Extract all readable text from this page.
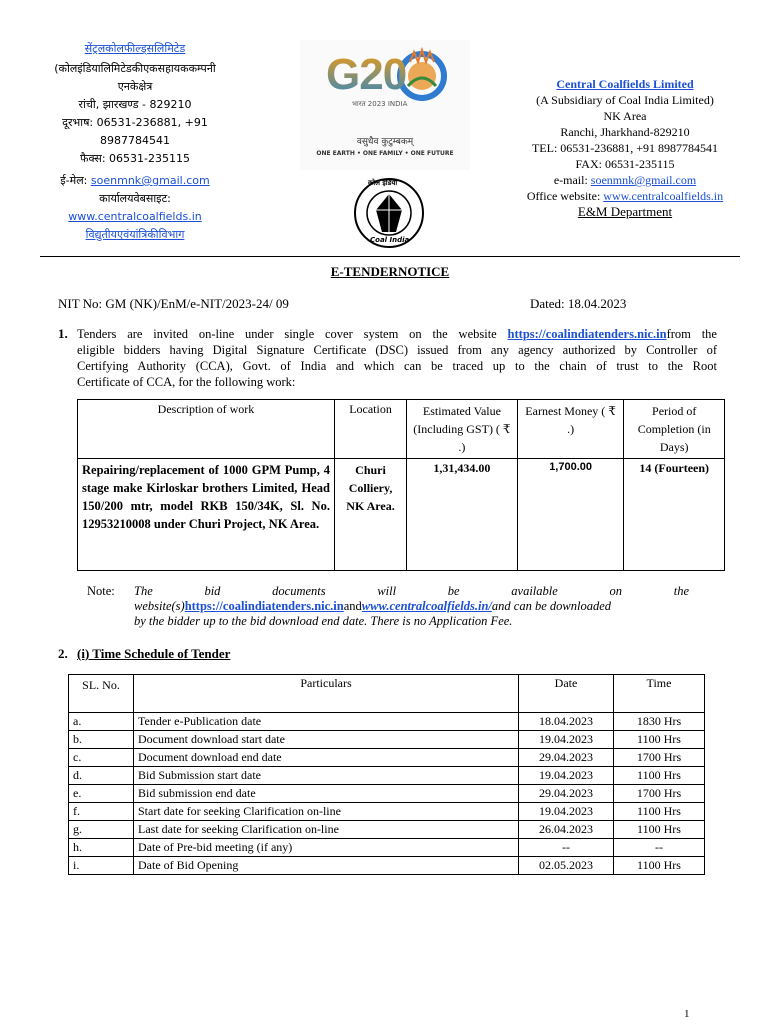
सेंट्रलकोलफील्ड्सलिमिटेड
(कोलइंडियालिमिटेडकीएकसहायककम्पनी
एनकेक्षेत्र
रांची, झारखण्ड - 829210
दूरभाष: 06531-236881, +91
8987784541
फैक्स: 06531-235115
ई-मेल: soenmnk@gmail.com
कार्यालयवेबसाइट:
www.centralcoalfields.in
विद्युतीयएवंयांत्रिकीविभाग
G20
भारत 2023 INDIA
वसुधैव कुटुम्बकम्
ONE EARTH • ONE FAMILY • ONE FUTURE
कोल इंडिया
Coal India
Central Coalfields Limited
(A Subsidiary of Coal India Limited)
NK Area
Ranchi, Jharkhand-829210
TEL: 06531-236881, +91 8987784541
FAX: 06531-235115
e-mail: soenmnk@gmail.com
Office website: www.centralcoalfields.in
E&M Department
E-TENDERNOTICE
NIT No: GM (NK)/EnM/e-NIT/2023-24/ 09	Dated: 18.04.2023
1. Tenders are invited on-line under single cover system on the website https://coalindiatenders.nic.infrom the
eligible bidders having Digital Signature Certificate (DSC) issued from any agency authorized by Controller of
Certifying Authority (CCA), Govt. of India and which can be traced up to the chain of trust to the Root
Certificate of CCA, for the following work:
Description of work	Location	Estimated Value (Including GST) ( ₹ .)	Earnest Money ( ₹ .)	Period of Completion (in Days)
Repairing/replacement of 1000 GPM Pump, 4 stage make Kirloskar brothers Limited, Head 150/200 mtr, model RKB 150/34K, Sl. No. 12953210008 under Churi Project, NK Area.	Churi Colliery, NK Area.	1,31,434.00	1,700.00	14 (Fourteen)
Note: The bid documents will be available on the
website(s)https://coalindiatenders.nic.inandwww.centralcoalfields.in/and can be downloaded
by the bidder up to the bid download end date. There is no Application Fee.
2. (i) Time Schedule of Tender
SL. No.	Particulars	Date	Time
a.	Tender e-Publication date	18.04.2023	1830 Hrs
b.	Document download start date	19.04.2023	1100 Hrs
c.	Document download end date	29.04.2023	1700 Hrs
d.	Bid Submission start date	19.04.2023	1100 Hrs
e.	Bid submission end date	29.04.2023	1700 Hrs
f.	Start date for seeking Clarification on-line	19.04.2023	1100 Hrs
g.	Last date for seeking Clarification on-line	26.04.2023	1100 Hrs
h.	Date of Pre-bid meeting (if any)	--	--
i.	Date of Bid Opening	02.05.2023	1100 Hrs
1
